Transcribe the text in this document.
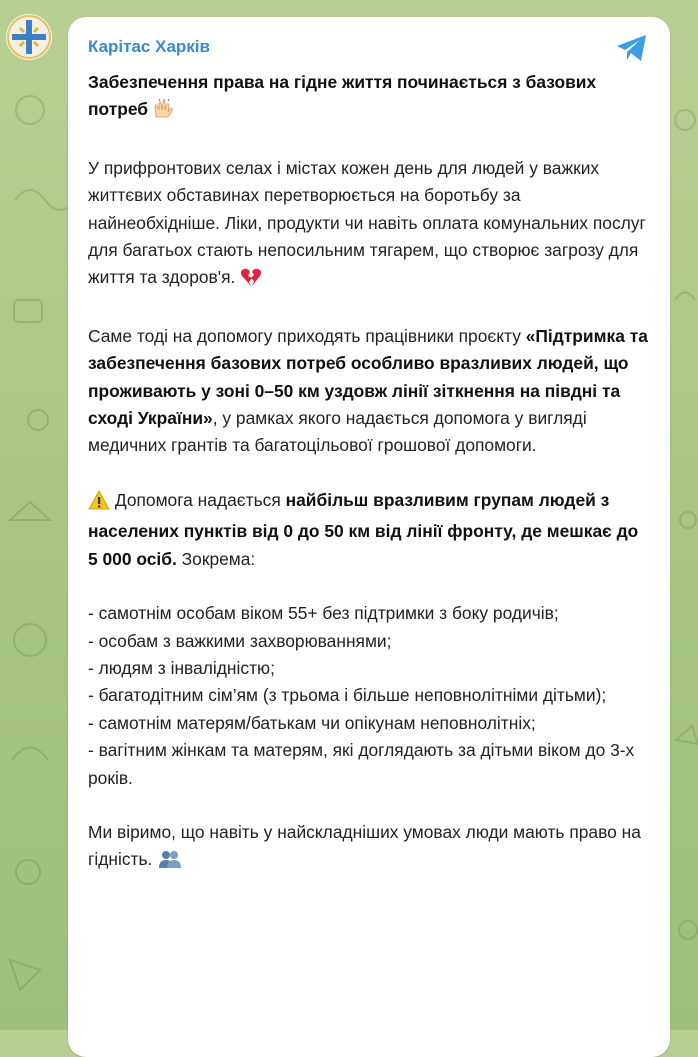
Карітас Харків

Забезпечення права на гідне життя починається з базових потреб

У прифронтових селах і містах кожен день для людей у важких життєвих обставинах перетворюється на боротьбу за найнеобхідніше. Ліки, продукти чи навіть оплата комунальних послуг для багатьох стають непосильним тягарем, що створює загрозу для життя та здоров'я.

Саме тоді на допомогу приходять працівники проєкту «Підтримка та забезпечення базових потреб особливо вразливих людей, що проживають у зоні 0–50 км уздовж лінії зіткнення на півдні та сході України», у рамках якого надається допомога у вигляді медичних грантів та багатоцільової грошової допомоги.

Допомога надається найбільш вразливим групам людей з населених пунктів від 0 до 50 км від лінії фронту, де мешкає до 5 000 осіб. Зокрема:

- самотнім особам віком 55+ без підтримки з боку родичів;
- особам з важкими захворюваннями;
- людям з інвалідністю;
- багатодітним сім’ям (з трьома і більше неповнолітніми дітьми);
- самотнім матерям/батькам чи опікунам неповнолітніх;
- вагітним жінкам та матерям, які доглядають за дітьми віком до 3-х років.

Ми віримо, що навіть у найскладніших умовах люди мають право на гідність.
